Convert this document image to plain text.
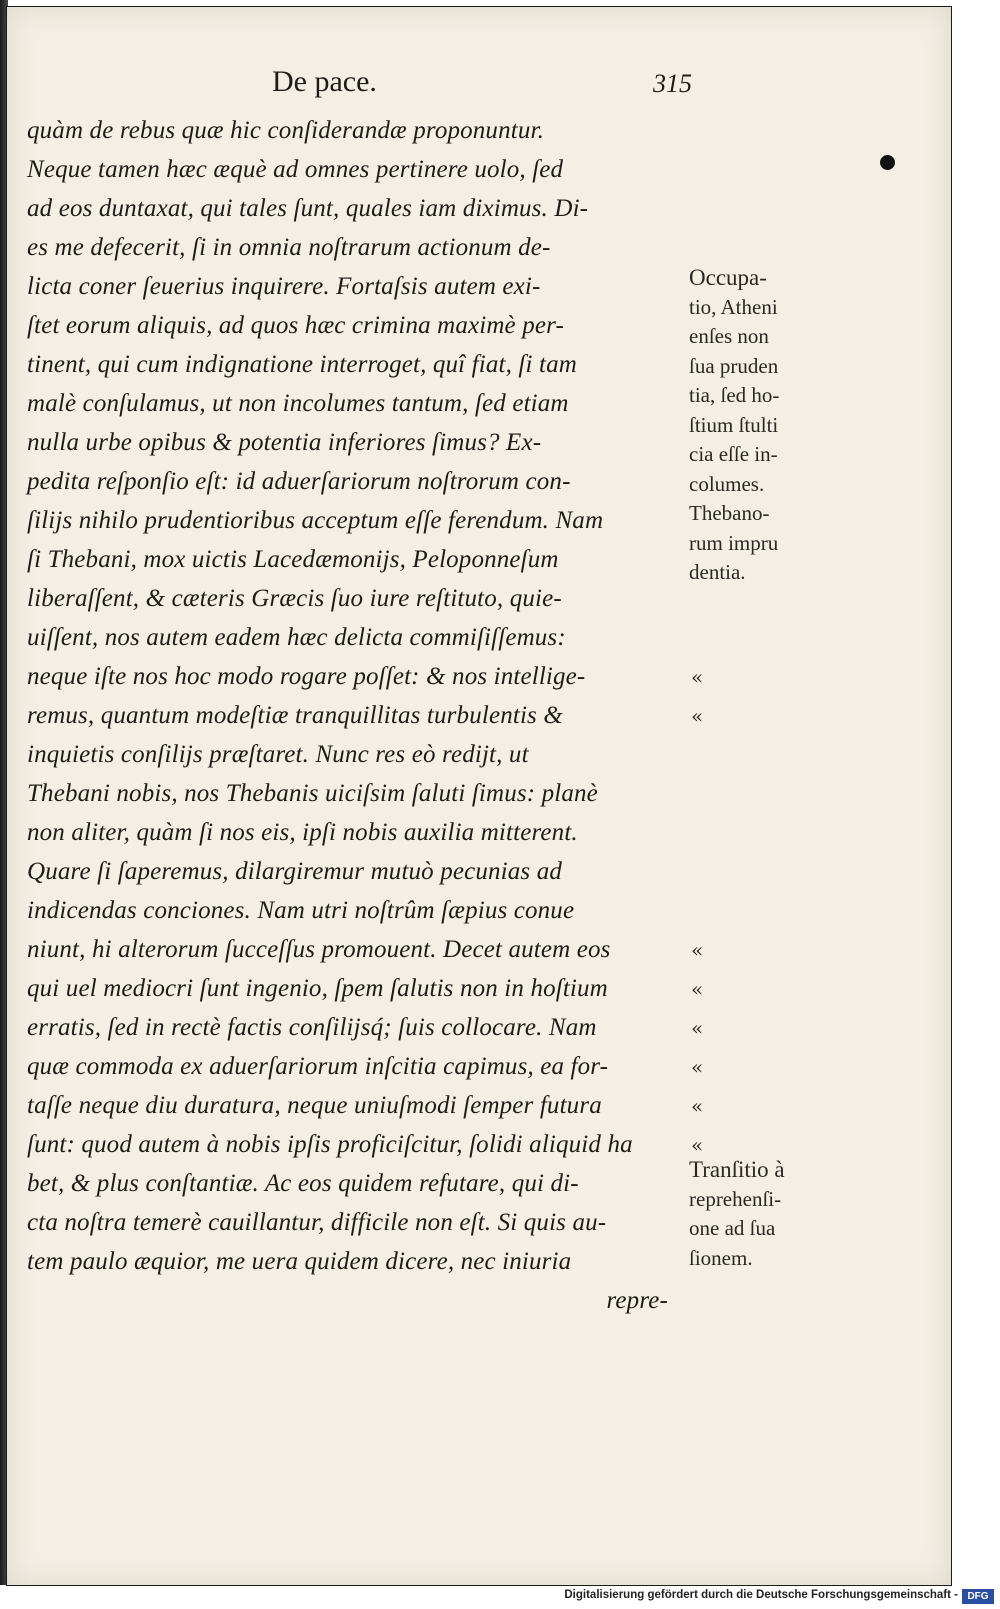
De pace.	315
quàm de rebus quæ hic conſiderandæ proponuntur.
Neque tamen hæc æquè ad omnes pertinere uolo, ſed
ad eos duntaxat, qui tales ſunt, quales iam diximus. Di-
es me defecerit, ſi in omnia noſtrarum actionum de-
licta coner ſeuerius inquirere. Fortaſsis autem exi-
ſtet eorum aliquis, ad quos hæc crimina maximè per-
tinent, qui cum indignatione interroget, quî fiat, ſi tam
malè conſulamus, ut non incolumes tantum, ſed etiam
nulla urbe opibus & potentia inferiores ſimus? Ex-
pedita reſponſio eſt: id aduerſariorum noſtrorum con-
ſilijs nihilo prudentioribus acceptum eſſe ferendum. Nam
ſi Thebani, mox uictis Lacedæmonijs, Peloponneſum
liberaſſent, & cæteris Græcis ſuo iure reſtituto, quie-
uiſſent, nos autem eadem hæc delicta commiſiſſemus:
neque iſte nos hoc modo rogare poſſet: & nos intellige-
remus, quantum modeſtiæ tranquillitas turbulentis &
inquietis conſilijs præſtaret. Nunc res eò redijt, ut
Thebani nobis, nos Thebanis uiciſsim ſaluti ſimus: planè
non aliter, quàm ſi nos eis, ipſi nobis auxilia mitterent.
Quare ſi ſaperemus, dilargiremur mutuò pecunias ad
indicendas conciones. Nam utri noſtrûm ſæpius conue
niunt, hi alterorum ſucceſſus promouent. Decet autem eos
qui uel mediocri ſunt ingenio, ſpem ſalutis non in hoſtium
erratis, ſed in rectè factis conſilijsq́; ſuis collocare. Nam
quæ commoda ex aduerſariorum inſcitia capimus, ea for-
taſſe neque diu duratura, neque uniuſmodi ſemper futura
ſunt: quod autem à nobis ipſis proficiſcitur, ſolidi aliquid ha
bet, & plus conſtantiæ. Ac eos quidem refutare, qui di-
cta noſtra temerè cauillantur, difficile non eſt. Si quis au-
tem paulo æquior, me uera quidem dicere, nec iniuria
repre-
Occupa-
tio, Atheni
enſes non
ſua pruden
tia, ſed ho-
ſtium ſtulti
cia eſſe in-
columes.
Thebano-
rum impru
dentia.
Tranſitio à
reprehenſi-
one ad ſua
ſionem.
«
«
«
«
«
«
«
«
Digitalisierung gefördert durch die Deutsche Forschungsgemeinschaft - DFG
